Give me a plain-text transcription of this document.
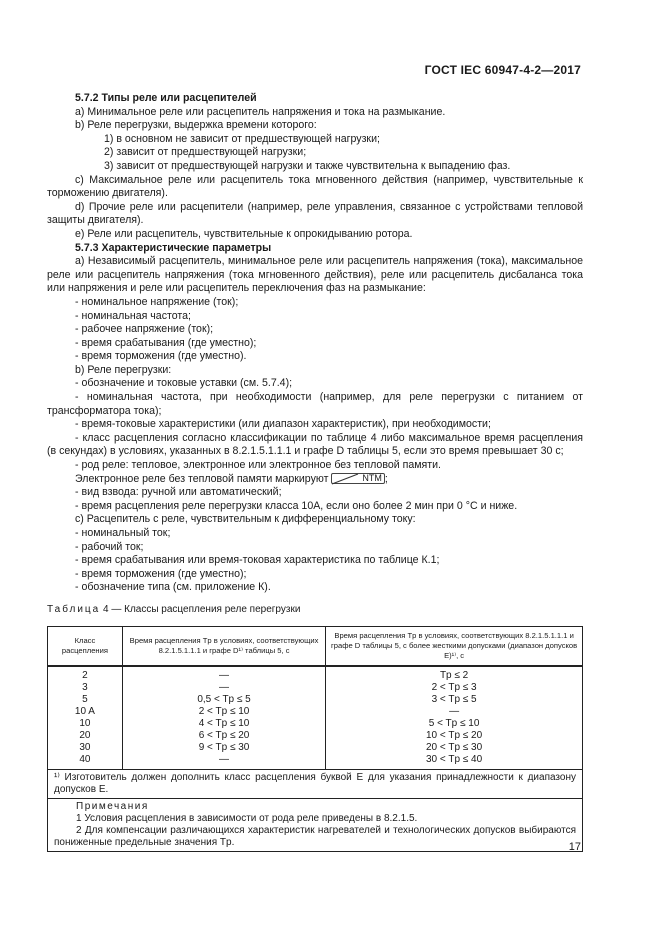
ГОСТ IEC 60947-4-2—2017
5.7.2 Типы реле или расцепителей
a) Минимальное реле или расцепитель напряжения и тока на размыкание.
b) Реле перегрузки, выдержка времени которого:
1) в основном не зависит от предшествующей нагрузки;
2) зависит от предшествующей нагрузки;
3) зависит от предшествующей нагрузки и также чувствительна к выпадению фаз.
c) Максимальное реле или расцепитель тока мгновенного действия (например, чувствительные к торможению двигателя).
d) Прочие реле или расцепители (например, реле управления, связанное с устройствами тепловой защиты двигателя).
e) Реле или расцепитель, чувствительные к опрокидыванию ротора.
5.7.3 Характеристические параметры
a) Независимый расцепитель, минимальное реле или расцепитель напряжения (тока), максимальное реле или расцепитель напряжения (тока мгновенного действия), реле или расцепитель дисбаланса тока или напряжения и реле или расцепитель переключения фаз на размыкание:
- номинальное напряжение (ток);
- номинальная частота;
- рабочее напряжение (ток);
- время срабатывания (где уместно);
- время торможения (где уместно).
b) Реле перегрузки:
- обозначение и токовые уставки (см. 5.7.4);
- номинальная частота, при необходимости (например, для реле перегрузки с питанием от трансформатора тока);
- время-токовые характеристики (или диапазон характеристик), при необходимости;
- класс расцепления согласно классификации по таблице 4 либо максимальное время расцепления (в секундах) в условиях, указанных в 8.2.1.5.1.1.1 и графе D таблицы 5, если это время превышает 30 с;
- род реле: тепловое, электронное или электронное без тепловой памяти.
Электронное реле без тепловой памяти маркируют	NTM ;
- вид взвода: ручной или автоматический;
- время расцепления реле перегрузки класса 10А, если оно более 2 мин при 0 °С и ниже.
c) Расцепитель с реле, чувствительным к дифференциальному току:
- номинальный ток;
- рабочий ток;
- время срабатывания или время-токовая характеристика по таблице К.1;
- время торможения (где уместно);
- обозначение типа (см. приложение К).
Таблица 4 — Классы расцепления реле перегрузки
Класс расцепления	Время расцепления Tp в условиях, соответствующих 8.2.1.5.1.1.1 и графе D¹⁾ таблицы 5, с	Время расцепления Tp в условиях, соответствующих 8.2.1.5.1.1.1 и графе D таблицы 5, с более жесткими допусками (диапазон допусков E)¹⁾, с
2	—	Tp ≤ 2
3	—	2 < Tp ≤ 3
5	0,5 < Tp ≤ 5	3 < Tp ≤ 5
10 A	2 < Tp ≤ 10	—
10	4 < Tp ≤ 10	5 < Tp ≤ 10
20	6 < Tp ≤ 20	10 < Tp ≤ 20
30	9 < Tp ≤ 30	20 < Tp ≤ 30
40	—	30 < Tp ≤ 40
¹⁾ Изготовитель должен дополнить класс расцепления буквой Е для указания принадлежности к диапазону допусков Е.		

Примечания
1 Условия расцепления в зависимости от рода реле приведены в 8.2.1.5.
2 Для компенсации различающихся характеристик нагревателей и технологических допусков выбираются пониженные предельные значения Tp.			17
